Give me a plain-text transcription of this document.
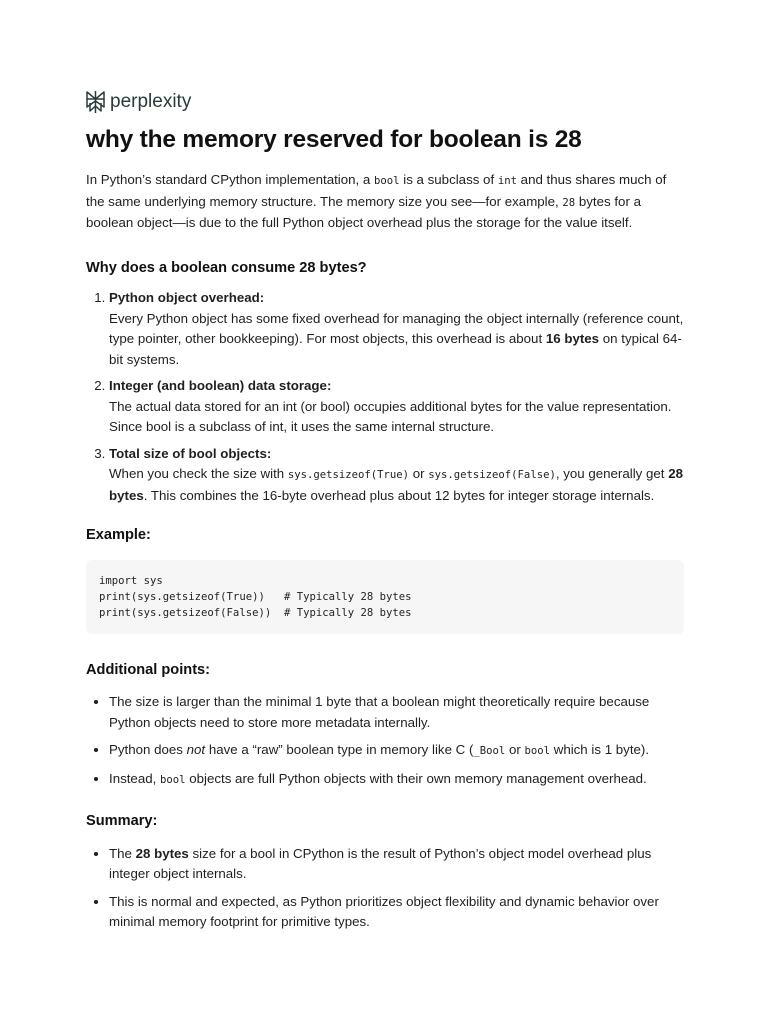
perplexity
why the memory reserved for boolean is 28

In Python’s standard CPython implementation, a bool is a subclass of int and thus shares much of the same underlying memory structure. The memory size you see—for example, 28 bytes for a boolean object—is due to the full Python object overhead plus the storage for the value itself.

Why does a boolean consume 28 bytes?
1. Python object overhead:
Every Python object has some fixed overhead for managing the object internally (reference count, type pointer, other bookkeeping). For most objects, this overhead is about 16 bytes on typical 64-bit systems.
2. Integer (and boolean) data storage:
The actual data stored for an int (or bool) occupies additional bytes for the value representation. Since bool is a subclass of int, it uses the same internal structure.
3. Total size of bool objects:
When you check the size with sys.getsizeof(True) or sys.getsizeof(False), you generally get 28 bytes. This combines the 16-byte overhead plus about 12 bytes for integer storage internals.
Example:
import sys
print(sys.getsizeof(True))   # Typically 28 bytes
print(sys.getsizeof(False))  # Typically 28 bytes
Additional points:
• The size is larger than the minimal 1 byte that a boolean might theoretically require because Python objects need to store more metadata internally.
• Python does not have a “raw” boolean type in memory like C (_Bool or bool which is 1 byte).
• Instead, bool objects are full Python objects with their own memory management overhead.
Summary:
• The 28 bytes size for a bool in CPython is the result of Python’s object model overhead plus integer object internals.
• This is normal and expected, as Python prioritizes object flexibility and dynamic behavior over minimal memory footprint for primitive types.
